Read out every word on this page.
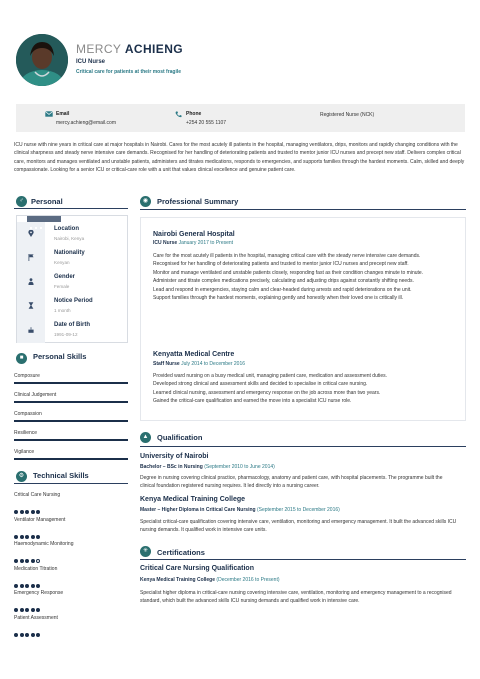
MERCY ACHIENG
ICU Nurse
Critical care for patients at their most fragile
Email
mercy.achieng@email.com
Phone
+254 20 555 1107
Registered Nurse (NCK)
ICU nurse with nine years in critical care at major hospitals in Nairobi. Cares for the most acutely ill patients in the hospital, managing ventilators, drips, monitors and rapidly changing conditions with the clinical sharpness and steady nerve intensive care demands. Recognised for her handling of deteriorating patients and trusted to mentor junior ICU nurses and precept new staff. Delivers complex critical care, monitors and manages ventilated and unstable patients, administers and titrates medications, responds to emergencies, and supports families through the hardest moments. Calm, skilled and deeply compassionate. Looking for a senior ICU or critical-care role with a unit that values clinical excellence and genuine patient care.
♂ Personal
Location
Nairobi, Kenya
Nationality
Kenyan
Gender
Female
Notice Period
1 month
Date of Birth
1991-09-12
■	Personal Skills
Composure
Clinical Judgement
Compassion
Resilience
Vigilance
⚙	Technical Skills
Critical Care Nursing
Ventilator Management
Haemodynamic Monitoring
Medication Titration
Emergency Response
Patient Assessment
◉	Professional Summary
Nairobi General Hospital
ICU Nurse January 2017 to Present
Care for the most acutely ill patients in the hospital, managing critical care with the steady nerve intensive care demands.
Recognised for her handling of deteriorating patients and trusted to mentor junior ICU nurses and precept new staff.
Monitor and manage ventilated and unstable patients closely, responding fast as their condition changes minute to minute.
Administer and titrate complex medications precisely, calculating and adjusting drips against constantly shifting needs.
Lead and respond in emergencies, staying calm and clear-headed during arrests and rapid deteriorations on the unit.
Support families through the hardest moments, explaining gently and honestly when their loved one is critically ill.
Kenyatta Medical Centre
Staff Nurse July 2014 to December 2016
Provided ward nursing on a busy medical unit, managing patient care, medication and assessment duties.
Developed strong clinical and assessment skills and decided to specialise in critical care nursing.
Learned clinical nursing, assessment and emergency response on the job across more than two years.
Gained the critical-care qualification and earned the move into a specialist ICU nurse role.
▲	Qualification
University of Nairobi
Bachelor – BSc in Nursing (September 2010 to June 2014)
Degree in nursing covering clinical practice, pharmacology, anatomy and patient care, with hospital placements. The programme built the clinical foundation registered nursing requires. It led directly into a nursing career.
Kenya Medical Training College
Master – Higher Diploma in Critical Care Nursing (September 2015 to December 2016)
Specialist critical-care qualification covering intensive care, ventilation, monitoring and emergency management. It built the advanced skills ICU nursing demands. It qualified work in intensive care units.
✳	Certifications
Critical Care Nursing Qualification
Kenya Medical Training College (December 2016 to Present)
Specialist higher diploma in critical-care nursing covering intensive care, ventilation, monitoring and emergency management to a recognised standard, which built the advanced skills ICU nursing demands and qualified work in intensive care.
